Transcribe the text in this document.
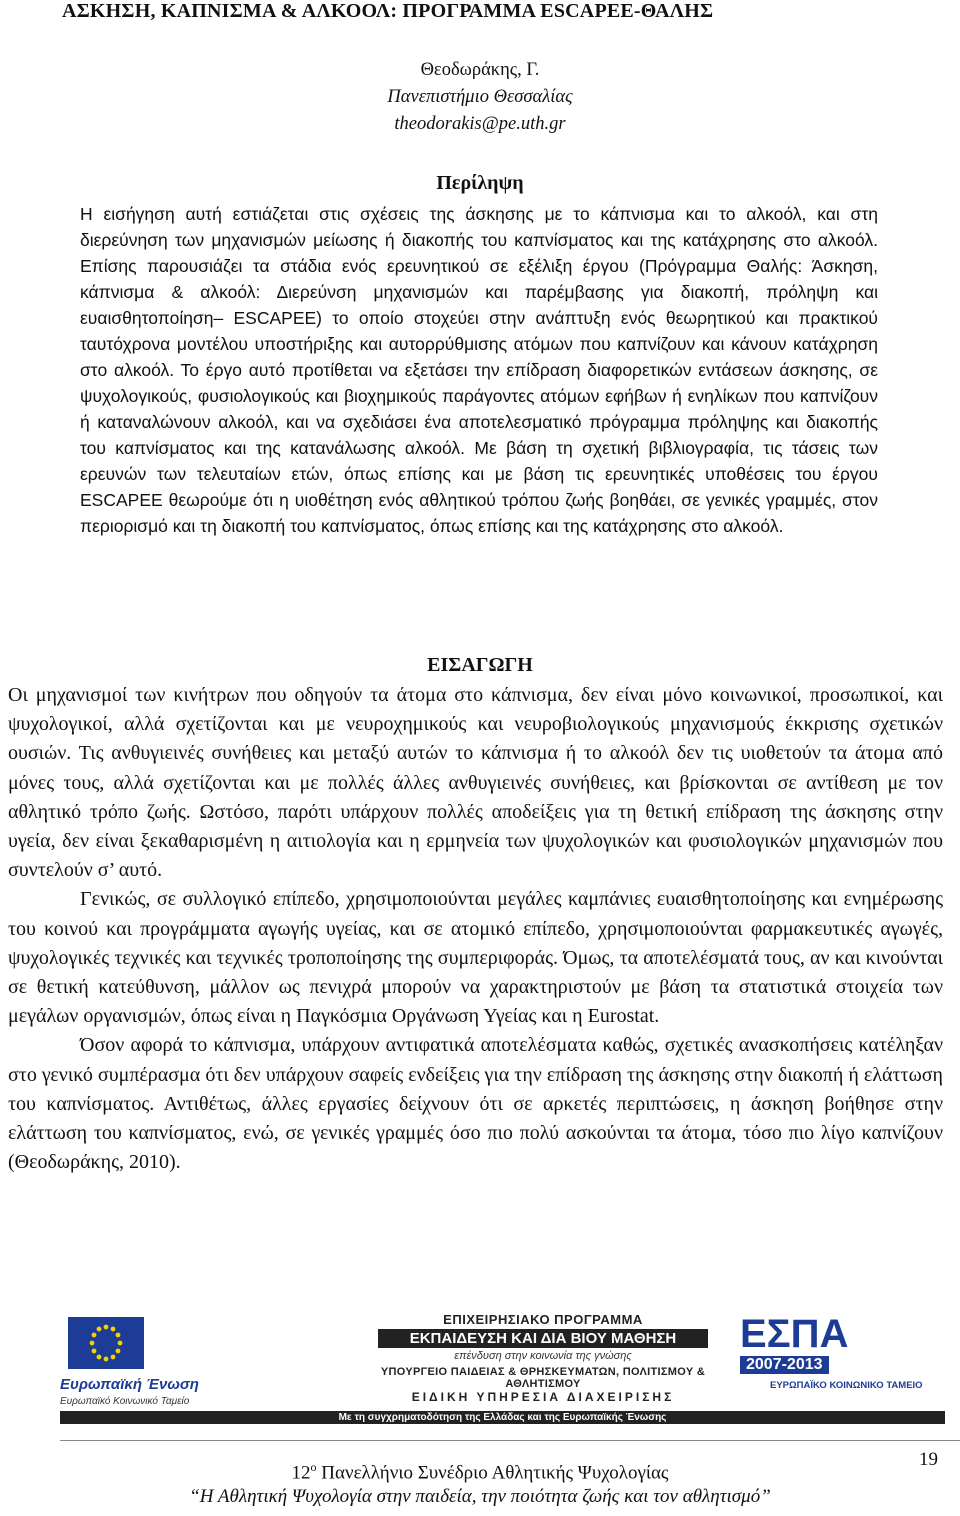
ΑΣΚΗΣΗ, ΚΑΠΝΙΣΜΑ & ΑΛΚΟΟΛ: ΠΡΟΓΡΑΜΜΑ ESCAPEE-ΘΑΛΗΣ
Θεοδωράκης, Γ.
Πανεπιστήμιο Θεσσαλίας
theodorakis@pe.uth.gr
Περίληψη
Η εισήγηση αυτή εστιάζεται στις σχέσεις της άσκησης με το κάπνισμα και το αλκοόλ, και στη διερεύνηση των μηχανισμών μείωσης ή διακοπής του καπνίσματος και της κατάχρησης στο αλκοόλ. Επίσης παρουσιάζει τα στάδια ενός ερευνητικού σε εξέλιξη έργου (Πρόγραμμα Θαλής: Άσκηση, κάπνισμα & αλκοόλ: Διερεύνση μηχανισμών και παρέμβασης για διακοπή, πρόληψη και ευαισθητοποίηση– ESCAPEE) το οποίο στοχεύει στην ανάπτυξη ενός θεωρητικού και πρακτικού ταυτόχρονα μοντέλου υποστήριξης και αυτορρύθμισης ατόμων που καπνίζουν και κάνουν κατάχρηση στο αλκοόλ. Το έργο αυτό προτίθεται να εξετάσει την επίδραση διαφορετικών εντάσεων άσκησης, σε ψυχολογικούς, φυσιολογικούς και βιοχημικούς παράγοντες ατόμων εφήβων ή ενηλίκων που καπνίζουν ή καταναλώνουν αλκοόλ, και να σχεδιάσει ένα αποτελεσματικό πρόγραμμα πρόληψης και διακοπής του καπνίσματος και της κατανάλωσης αλκοόλ. Με βάση τη σχετική βιβλιογραφία, τις τάσεις των ερευνών των τελευταίων ετών, όπως επίσης και με βάση τις ερευνητικές υποθέσεις του έργου ESCAPEE θεωρούμε ότι η υιοθέτηση ενός αθλητικού τρόπου ζωής βοηθάει, σε γενικές γραμμές, στον περιορισμό και τη διακοπή του καπνίσματος, όπως επίσης και της κατάχρησης στο αλκοόλ.
ΕΙΣΑΓΩΓΗ

Οι μηχανισμοί των κινήτρων που οδηγούν τα άτομα στο κάπνισμα, δεν είναι μόνο κοινωνικοί, προσωπικοί, και ψυχολογικοί, αλλά σχετίζονται και με νευροχημικούς και νευροβιολογικούς μηχανισμούς έκκρισης σχετικών ουσιών. Τις ανθυγιεινές συνήθειες και μεταξύ αυτών το κάπνισμα ή το αλκοόλ δεν τις υιοθετούν τα άτομα από μόνες τους, αλλά σχετίζονται και με πολλές άλλες ανθυγιεινές συνήθειες, και βρίσκονται σε αντίθεση με τον αθλητικό τρόπο ζωής. Ωστόσο, παρότι υπάρχουν πολλές αποδείξεις για τη θετική επίδραση της άσκησης στην υγεία, δεν είναι ξεκαθαρισμένη η αιτιολογία και η ερμηνεία των ψυχολογικών και φυσιολογικών μηχανισμών που συντελούν σ’ αυτό.

Γενικώς, σε συλλογικό επίπεδο, χρησιμοποιούνται μεγάλες καμπάνιες ευαισθητοποίησης και ενημέρωσης του κοινού και προγράμματα αγωγής υγείας, και σε ατομικό επίπεδο, χρησιμοποιούνται φαρμακευτικές αγωγές, ψυχολογικές τεχνικές και τεχνικές τροποποίησης της συμπεριφοράς. Όμως, τα αποτελέσματά τους, αν και κινούνται σε θετική κατεύθυνση, μάλλον ως πενιχρά μπορούν να χαρακτηριστούν με βάση τα στατιστικά στοιχεία των μεγάλων οργανισμών, όπως είναι η Παγκόσμια Οργάνωση Υγείας και η Eurostat.

Όσον αφορά το κάπνισμα, υπάρχουν αντιφατικά αποτελέσματα καθώς, σχετικές ανασκοπήσεις κατέληξαν στο γενικό συμπέρασμα ότι δεν υπάρχουν σαφείς ενδείξεις για την επίδραση της άσκησης στην διακοπή ή ελάττωση του καπνίσματος. Αντιθέτως, άλλες εργασίες δείχνουν ότι σε αρκετές περιπτώσεις, η άσκηση βοήθησε στην ελάττωση του καπνίσματος, ενώ, σε γενικές γραμμές όσο πιο πολύ ασκούνται τα άτομα, τόσο πιο λίγο καπνίζουν (Θεοδωράκης, 2010).

Ευρωπαϊκή Ένωση
Ευρωπαϊκό Κοινωνικό Ταμείο
ΕΠΙΧΕΙΡΗΣΙΑΚΟ ΠΡΟΓΡΑΜΜΑ
ΕΚΠΑΙΔΕΥΣΗ ΚΑΙ ΔΙΑ ΒΙΟΥ ΜΑΘΗΣΗ
επένδυση στην κοινωνία της γνώσης
ΥΠΟΥΡΓΕΙΟ ΠΑΙΔΕΙΑΣ & ΘΡΗΣΚΕΥΜΑΤΩΝ, ΠΟΛΙΤΙΣΜΟΥ & ΑΘΛΗΤΙΣΜΟΥ
ΕΙΔΙΚΗ ΥΠΗΡΕΣΙΑ ΔΙΑΧΕΙΡΙΣΗΣ
ΕΣΠΑ
2007-2013
ΕΥΡΩΠΑΪΚΟ ΚΟΙΝΩΝΙΚΟ ΤΑΜΕΙΟ
Με τη συγχρηματοδότηση της Ελλάδας και της Ευρωπαϊκής Ένωσης
19
$12^o$ Πανελλήνιο Συνέδριο Αθλητικής Ψυχολογίας
“Η Αθλητική Ψυχολογία στην παιδεία, την ποιότητα ζωής και τον αθλητισμό”
